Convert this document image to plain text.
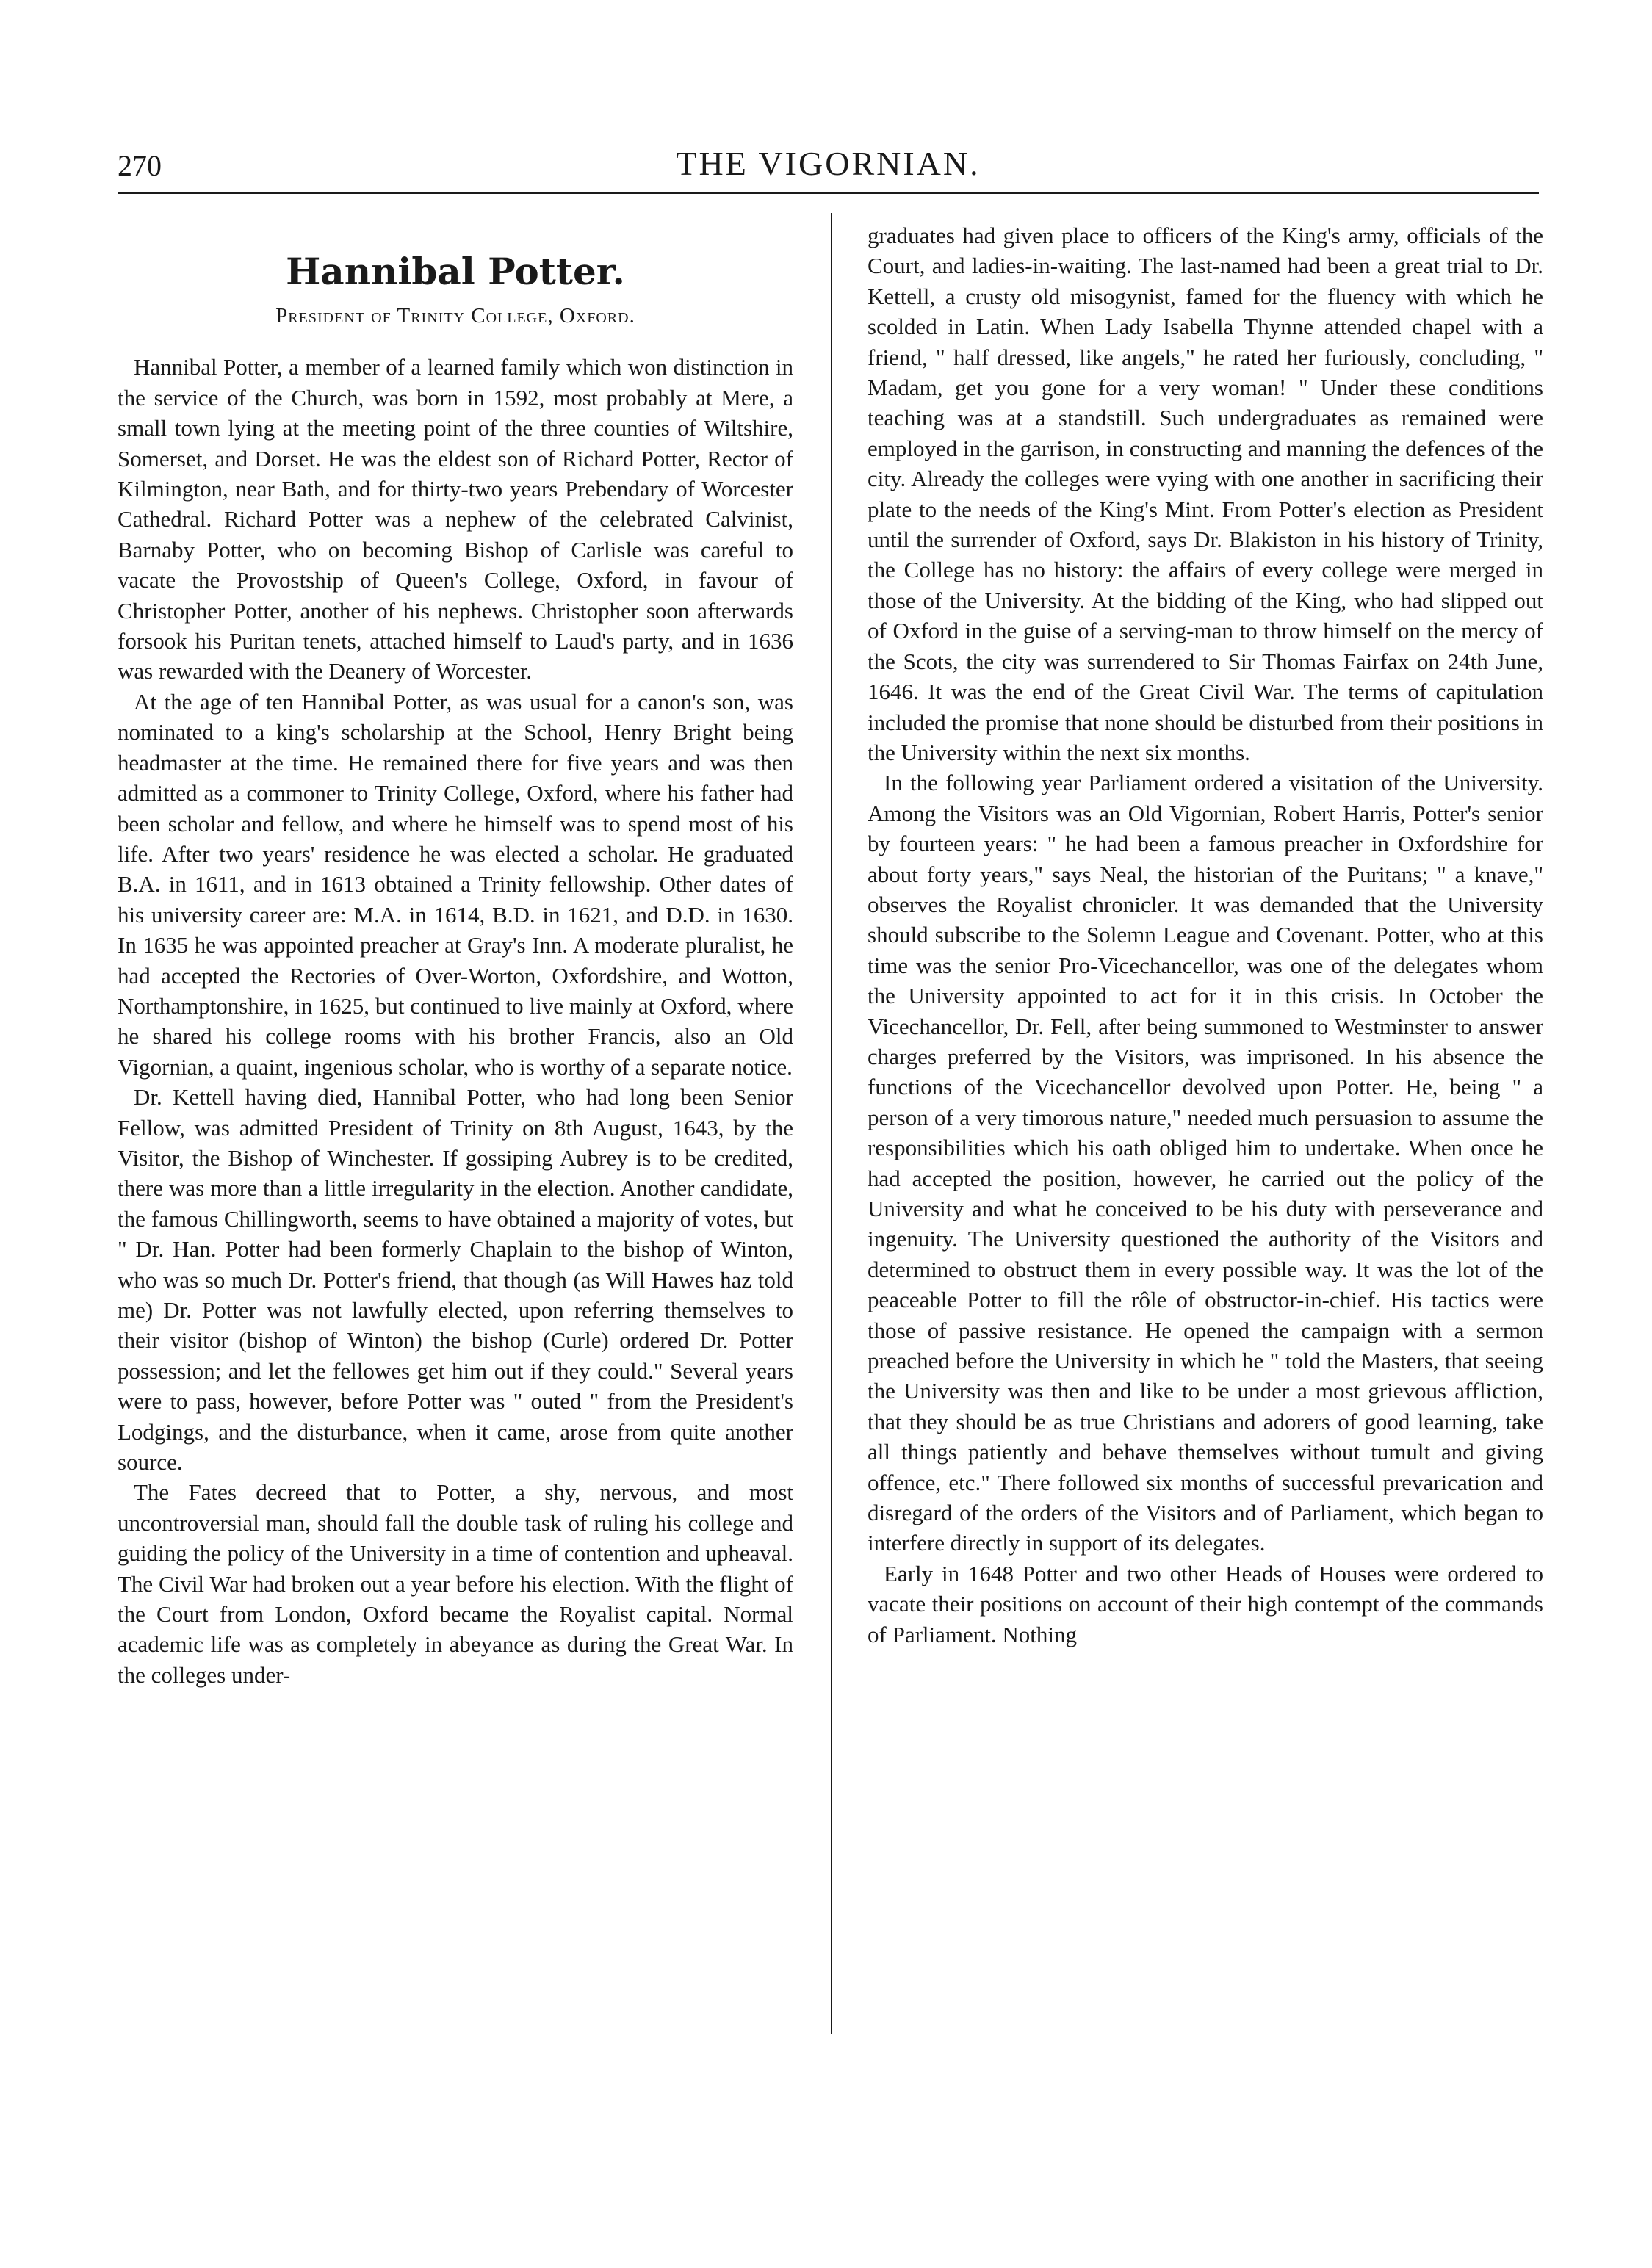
270	THE VIGORNIAN.
Hannibal Potter.
President of Trinity College, Oxford.

Hannibal Potter, a member of a learned family which won distinction in the service of the Church, was born in 1592, most probably at Mere, a small town lying at the meeting point of the three counties of Wiltshire, Somerset, and Dorset. He was the eldest son of Richard Potter, Rector of Kilmington, near Bath, and for thirty-two years Prebendary of Worcester Cathedral. Richard Potter was a nephew of the celebrated Calvinist, Barnaby Potter, who on becoming Bishop of Carlisle was careful to vacate the Provostship of Queen's College, Oxford, in favour of Christopher Potter, another of his nephews. Christopher soon afterwards forsook his Puritan tenets, attached himself to Laud's party, and in 1636 was rewarded with the Deanery of Worcester.

At the age of ten Hannibal Potter, as was usual for a canon's son, was nominated to a king's scholarship at the School, Henry Bright being headmaster at the time. He remained there for five years and was then admitted as a commoner to Trinity College, Oxford, where his father had been scholar and fellow, and where he himself was to spend most of his life. After two years' residence he was elected a scholar. He graduated B.A. in 1611, and in 1613 obtained a Trinity fellowship. Other dates of his university career are: M.A. in 1614, B.D. in 1621, and D.D. in 1630. In 1635 he was appointed preacher at Gray's Inn. A moderate pluralist, he had accepted the Rectories of Over-Worton, Oxfordshire, and Wotton, Northamptonshire, in 1625, but continued to live mainly at Oxford, where he shared his college rooms with his brother Francis, also an Old Vigornian, a quaint, ingenious scholar, who is worthy of a separate notice.

Dr. Kettell having died, Hannibal Potter, who had long been Senior Fellow, was admitted President of Trinity on 8th August, 1643, by the Visitor, the Bishop of Winchester. If gossiping Aubrey is to be credited, there was more than a little irregularity in the election. Another candidate, the famous Chillingworth, seems to have obtained a majority of votes, but " Dr. Han. Potter had been formerly Chaplain to the bishop of Winton, who was so much Dr. Potter's friend, that though (as Will Hawes haz told me) Dr. Potter was not lawfully elected, upon referring themselves to their visitor (bishop of Winton) the bishop (Curle) ordered Dr. Potter possession; and let the fellowes get him out if they could." Several years were to pass, however, before Potter was " outed " from the President's Lodgings, and the disturbance, when it came, arose from quite another source.

The Fates decreed that to Potter, a shy, nervous, and most uncontroversial man, should fall the double task of ruling his college and guiding the policy of the University in a time of contention and upheaval. The Civil War had broken out a year before his election. With the flight of the Court from London, Oxford became the Royalist capital. Normal academic life was as completely in abeyance as during the Great War. In the colleges under-

graduates had given place to officers of the King's army, officials of the Court, and ladies-in-waiting. The last-named had been a great trial to Dr. Kettell, a crusty old misogynist, famed for the fluency with which he scolded in Latin. When Lady Isabella Thynne attended chapel with a friend, " half dressed, like angels," he rated her furiously, concluding, " Madam, get you gone for a very woman! " Under these conditions teaching was at a standstill. Such undergraduates as remained were employed in the garrison, in constructing and manning the defences of the city. Already the colleges were vying with one another in sacrificing their plate to the needs of the King's Mint. From Potter's election as President until the surrender of Oxford, says Dr. Blakiston in his history of Trinity, the College has no history: the affairs of every college were merged in those of the University. At the bidding of the King, who had slipped out of Oxford in the guise of a serving-man to throw himself on the mercy of the Scots, the city was surrendered to Sir Thomas Fairfax on 24th June, 1646. It was the end of the Great Civil War. The terms of capitulation included the promise that none should be disturbed from their positions in the University within the next six months.

In the following year Parliament ordered a visitation of the University. Among the Visitors was an Old Vigornian, Robert Harris, Potter's senior by fourteen years: " he had been a famous preacher in Oxfordshire for about forty years," says Neal, the historian of the Puritans; " a knave," observes the Royalist chronicler. It was demanded that the University should subscribe to the Solemn League and Covenant. Potter, who at this time was the senior Pro-Vicechancellor, was one of the delegates whom the University appointed to act for it in this crisis. In October the Vicechancellor, Dr. Fell, after being summoned to Westminster to answer charges preferred by the Visitors, was imprisoned. In his absence the functions of the Vicechancellor devolved upon Potter. He, being " a person of a very timorous nature," needed much persuasion to assume the responsibilities which his oath obliged him to undertake. When once he had accepted the position, however, he carried out the policy of the University and what he conceived to be his duty with perseverance and ingenuity. The University questioned the authority of the Visitors and determined to obstruct them in every possible way. It was the lot of the peaceable Potter to fill the rôle of obstructor-in-chief. His tactics were those of passive resistance. He opened the campaign with a sermon preached before the University in which he " told the Masters, that seeing the University was then and like to be under a most grievous affliction, that they should be as true Christians and adorers of good learning, take all things patiently and behave themselves without tumult and giving offence, etc." There followed six months of successful prevarication and disregard of the orders of the Visitors and of Parliament, which began to interfere directly in support of its delegates.

Early in 1648 Potter and two other Heads of Houses were ordered to vacate their positions on account of their high contempt of the commands of Parliament. Nothing
